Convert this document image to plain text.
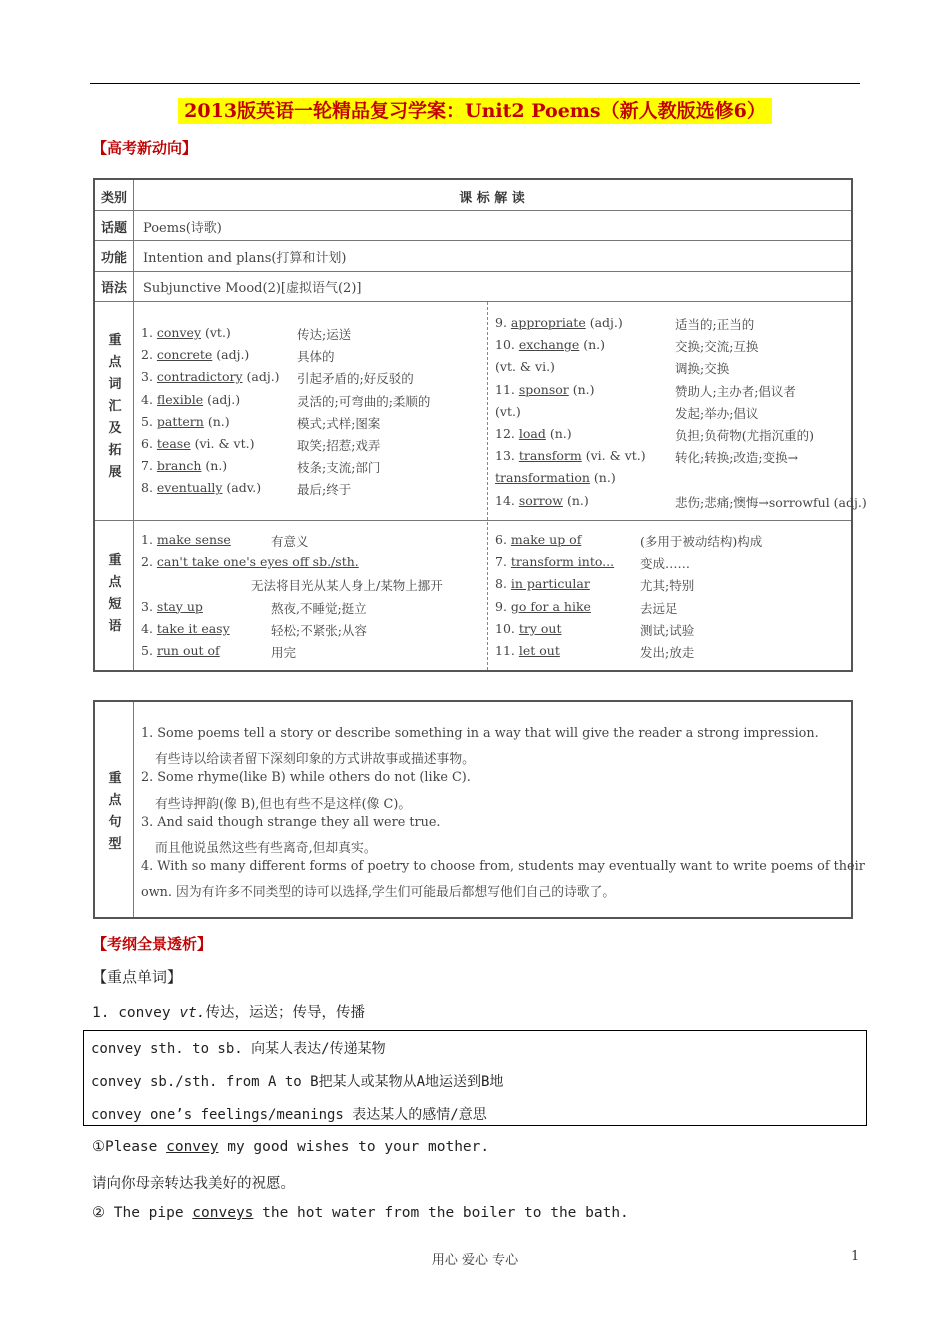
2013版英语一轮精品复习学案：Unit2 Poems（新人教版选修6）
【高考新动向】
类别	课 标 解 读
话题	Poems(诗歌)
功能	Intention and plans(打算和计划)
语法	Subjunctive Mood(2)[虚拟语气(2)]
重点词汇及拓展
1. convey (vt.)	传达;运送
2. concrete (adj.)	具体的
3. contradictory (adj.) 引起矛盾的;好反驳的
4. flexible (adj.)	灵活的;可弯曲的;柔顺的
5. pattern (n.)	模式;式样;图案
6. tease (vi. & vt.)	取笑;招惹;戏弄
7. branch (n.)	枝条;支流;部门
8. eventually (adv.)	最后;终于
9. appropriate (adj.)	适当的;正当的
10. exchange (n.)	交换;交流;互换
(vt. & vi.)	调换;交换
11. sponsor (n.)	赞助人;主办者;倡议者
(vt.)	发起;举办;倡议
12. load (n.)	负担;负荷物(尤指沉重的)
13. transform (vi. & vt.) 转化;转换;改造;变换→
transformation (n.)
14. sorrow (n.)	悲伤;悲痛;懊悔→sorrowful (adj.)
重点短语
1. make sense	有意义
2. can't take one's eyes off sb./sth.
无法将目光从某人身上/某物上挪开
3. stay up	熬夜,不睡觉;挺立
4. take it easy	轻松;不紧张;从容
5. run out of	用完
6. make up of	(多用于被动结构)构成
7. transform into... 变成……
8. in particular	尤其;特别
9. go for a hike	去远足
10. try out	测试;试验
11. let out	发出;放走
重点句型
1. Some poems tell a story or describe something in a way that will give the reader a strong impression.
有些诗以给读者留下深刻印象的方式讲故事或描述事物。
2. Some rhyme(like B) while others do not (like C).
有些诗押韵(像 B),但也有些不是这样(像 C)。
3. And said though strange they all were true.
而且他说虽然这些有些离奇,但却真实。
4. With so many different forms of poetry to choose from, students may eventually want to write poems of their
own. 因为有许多不同类型的诗可以选择,学生们可能最后都想写他们自己的诗歌了。
【考纲全景透析】
【重点单词】
1. convey vt.传达，运送；传导，传播
convey sth. to sb. 向某人表达/传递某物
convey sb./sth. from A to B把某人或某物从A地运送到B地
convey one’s feelings/meanings 表达某人的感情/意思
①Please convey my good wishes to your mother.
请向你母亲转达我美好的祝愿。
② The pipe conveys the hot water from the boiler to the bath.
用心 爱心 专心	1
